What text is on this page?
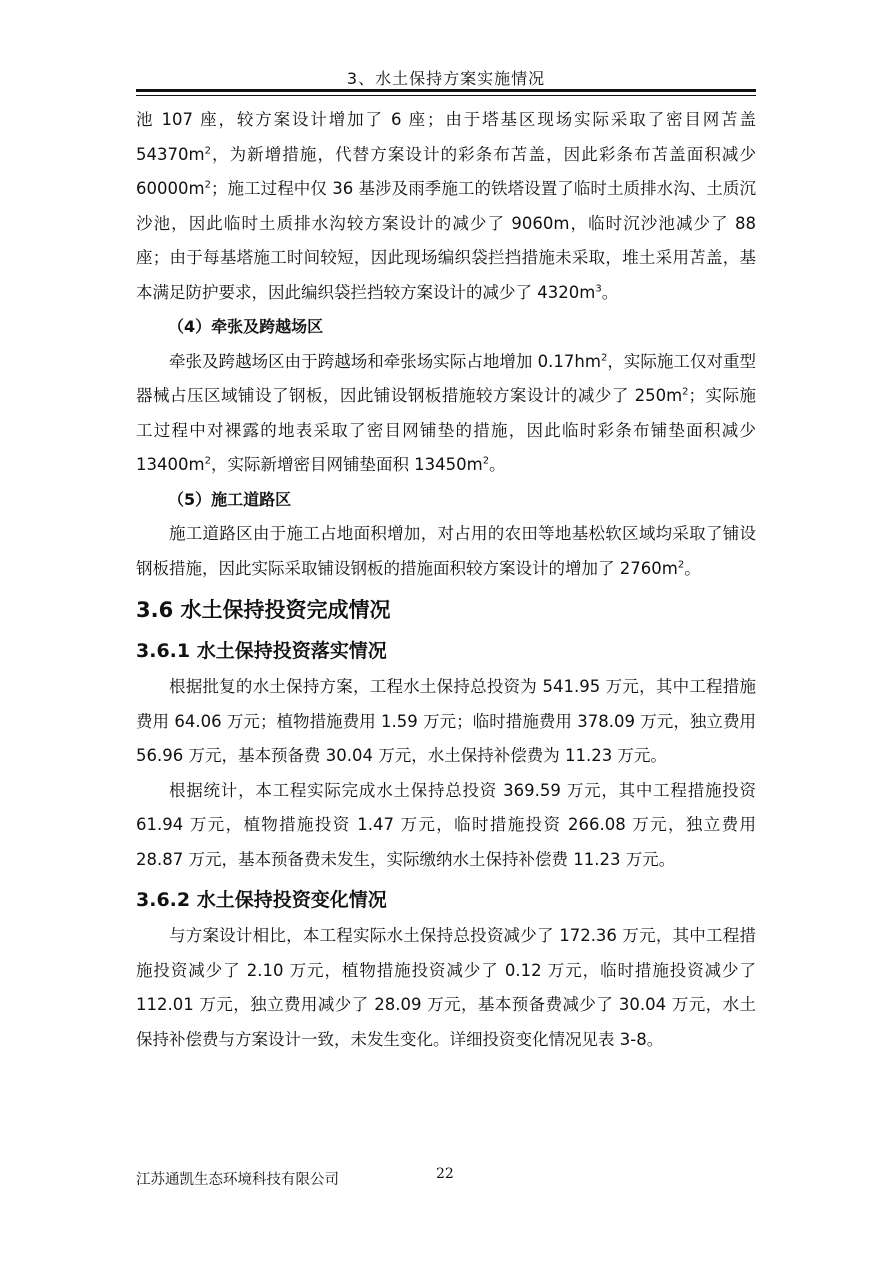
3、水土保持方案实施情况

池 107 座，较方案设计增加了 6 座；由于塔基区现场实际采取了密目网苫盖 $54370m^2$，为新增措施，代替方案设计的彩条布苫盖，因此彩条布苫盖面积减少 $60000m^2$；施工过程中仅 36 基涉及雨季施工的铁塔设置了临时土质排水沟、土质沉沙池，因此临时土质排水沟较方案设计的减少了 9060m，临时沉沙池减少了 88 座；由于每基塔施工时间较短，因此现场编织袋拦挡措施未采取，堆土采用苫盖，基本满足防护要求，因此编织袋拦挡较方案设计的减少了 $4320m^3$。

（4）牵张及跨越场区

牵张及跨越场区由于跨越场和牵张场实际占地增加 $0.17hm^2$，实际施工仅对重型器械占压区域铺设了钢板，因此铺设钢板措施较方案设计的减少了 $250m^2$；实际施工过程中对裸露的地表采取了密目网铺垫的措施，因此临时彩条布铺垫面积减少 $13400m^2$，实际新增密目网铺垫面积 $13450m^2$。

（5）施工道路区

施工道路区由于施工占地面积增加，对占用的农田等地基松软区域均采取了铺设钢板措施，因此实际采取铺设钢板的措施面积较方案设计的增加了 $2760m^2$。

3.6 水土保持投资完成情况
3.6.1 水土保持投资落实情况

根据批复的水土保持方案，工程水土保持总投资为 541.95 万元，其中工程措施费用 64.06 万元；植物措施费用 1.59 万元；临时措施费用 378.09 万元，独立费用 56.96 万元，基本预备费 30.04 万元，水土保持补偿费为 11.23 万元。

根据统计，本工程实际完成水土保持总投资 369.59 万元，其中工程措施投资 61.94 万元，植物措施投资 1.47 万元，临时措施投资 266.08 万元，独立费用 28.87 万元，基本预备费未发生，实际缴纳水土保持补偿费 11.23 万元。

3.6.2 水土保持投资变化情况

与方案设计相比，本工程实际水土保持总投资减少了 172.36 万元，其中工程措施投资减少了 2.10 万元，植物措施投资减少了 0.12 万元，临时措施投资减少了 112.01 万元，独立费用减少了 28.09 万元，基本预备费减少了 30.04 万元，水土保持补偿费与方案设计一致，未发生变化。详细投资变化情况见表 3-8。

江苏通凯生态环境科技有限公司	22
